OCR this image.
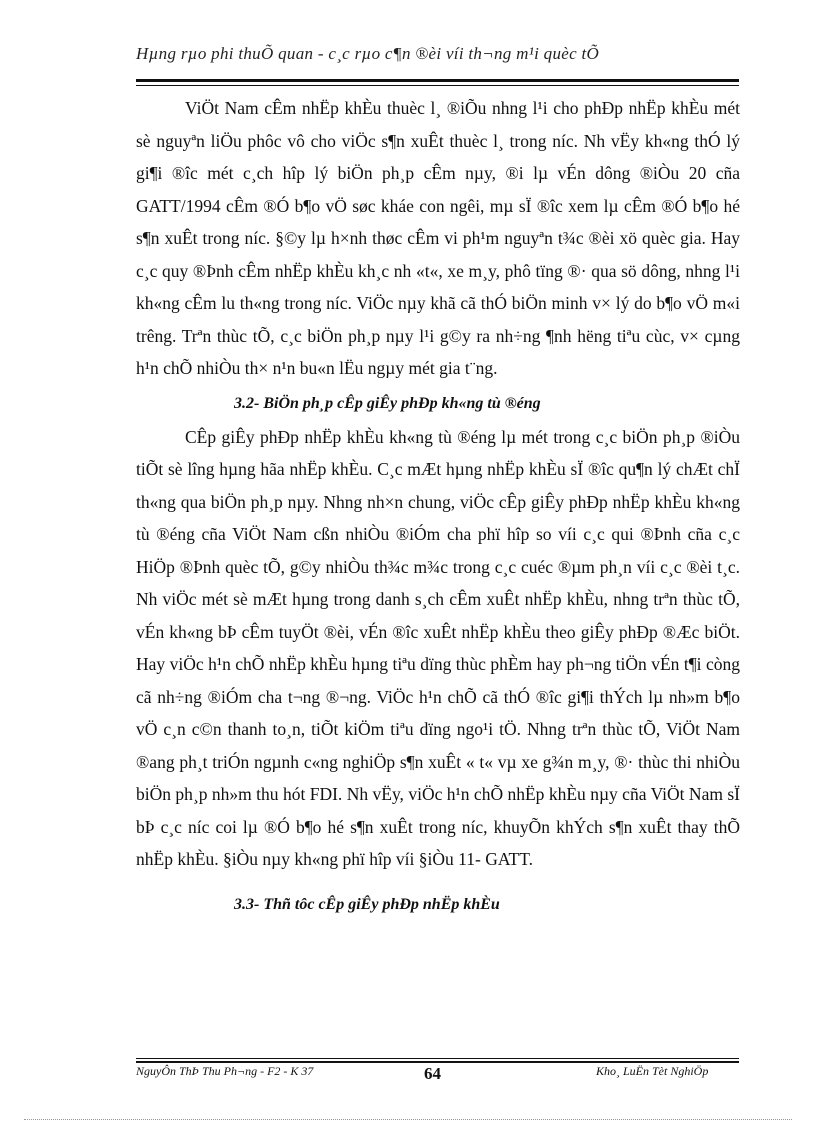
Hµng rµo phi thuÕ quan - c¸c rµo c¶n ®èi víi th¬ng m¹i quèc tÕ

ViÖt Nam cÊm nhËp khÈu thuèc l¸ ®iÕu nhng l¹i cho phÐp nhËp khÈu mét sè nguyªn liÖu phôc vô cho viÖc s¶n xuÊt thuèc l¸ trong níc. Nh vËy kh«ng thÓ lý gi¶i ®îc mét c¸ch hîp lý biÖn ph¸p cÊm nµy, ®i lµ vÉn dông ®iÒu 20 cña GATT/1994 cÊm ®Ó b¶o vÖ søc kháe con ngêi, mµ sÏ ®îc xem lµ cÊm ®Ó b¶o hé s¶n xuÊt trong níc. §©y lµ h×nh thøc cÊm vi ph¹m nguyªn t¾c ®èi xö quèc gia. Hay c¸c quy ®Þnh cÊm nhËp khÈu kh¸c nh «t«, xe m¸y, phô tïng ®· qua sö dông, nhng l¹i kh«ng cÊm lu th«ng trong níc. ViÖc nµy khã cã thÓ biÖn minh v× lý do b¶o vÖ m«i trêng. Trªn thùc tÕ, c¸c biÖn ph¸p nµy l¹i g©y ra nh÷ng ¶nh hëng tiªu cùc, v× cµng h¹n chÕ nhiÒu th× n¹n bu«n lËu ngµy mét gia t¨ng.

3.2- BiÖn ph¸p cÊp giÊy phÐp kh«ng tù ®éng

CÊp giÊy phÐp nhËp khÈu kh«ng tù ®éng lµ mét trong c¸c biÖn ph¸p ®iÒu tiÕt sè lîng hµng hãa nhËp khÈu. C¸c mÆt hµng nhËp khÈu sÏ ®îc qu¶n lý chÆt chÏ th«ng qua biÖn ph¸p nµy. Nhng nh×n chung, viÖc cÊp giÊy phÐp nhËp khÈu kh«ng tù ®éng cña ViÖt Nam cßn nhiÒu ®iÓm cha phï hîp so víi c¸c qui ®Þnh cña c¸c HiÖp ®Þnh quèc tÕ, g©y nhiÒu th¾c m¾c trong c¸c cuéc ®µm ph¸n víi c¸c ®èi t¸c. Nh viÖc mét sè mÆt hµng trong danh s¸ch cÊm xuÊt nhËp khÈu, nhng trªn thùc tÕ, vÉn kh«ng bÞ cÊm tuyÖt ®èi, vÉn ®îc xuÊt nhËp khÈu theo giÊy phÐp ®Æc biÖt. Hay viÖc h¹n chÕ nhËp khÈu hµng tiªu dïng thùc phÈm hay ph¬ng tiÖn vÉn t¶i còng cã nh÷ng ®iÓm cha t¬ng ®¬ng. ViÖc h¹n chÕ cã thÓ ®îc gi¶i thÝch lµ nh»m b¶o vÖ c¸n c©n thanh to¸n, tiÕt kiÖm tiªu dïng ngo¹i tÖ. Nhng trªn thùc tÕ, ViÖt Nam ®ang ph¸t triÓn ngµnh c«ng nghiÖp s¶n xuÊt « t« vµ xe g¾n m¸y, ®· thùc thi nhiÒu biÖn ph¸p nh»m thu hót FDI. Nh vËy, viÖc h¹n chÕ nhËp khÈu nµy cña ViÖt Nam sÏ bÞ c¸c níc coi lµ ®Ó b¶o hé s¶n xuÊt trong níc, khuyÕn khÝch s¶n xuÊt thay thÕ nhËp khÈu. §iÒu nµy kh«ng phï hîp víi §iÒu 11- GATT.

3.3- Thñ tôc cÊp giÊy phÐp nhËp khÈu
NguyÔn ThÞ Thu Ph¬ng - F2 - K 37	64	Kho¸ LuËn Tèt NghiÖp
